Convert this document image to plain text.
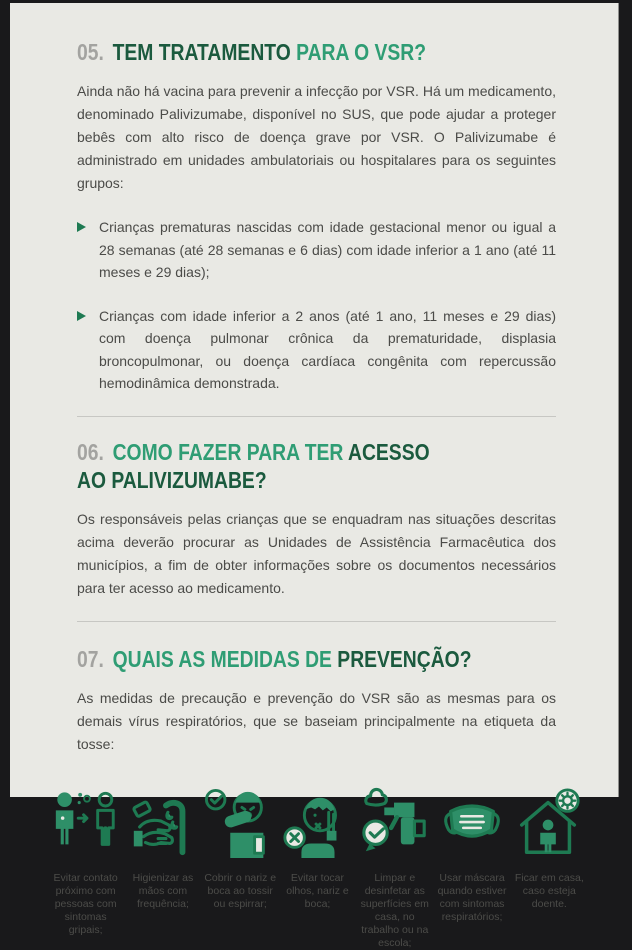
05. TEM TRATAMENTO PARA O VSR?

Ainda não há vacina para prevenir a infecção por VSR. Há um medicamento, denominado Palivizumabe, disponível no SUS, que pode ajudar a proteger bebês com alto risco de doença grave por VSR. O Palivizumabe é administrado em unidades ambulatoriais ou hospitalares para os seguintes grupos:

Crianças prematuras nascidas com idade gestacional menor ou igual a 28 semanas (até 28 semanas e 6 dias) com idade inferior a 1 ano (até 11 meses e 29 dias);
Crianças com idade inferior a 2 anos (até 1 ano, 11 meses e 29 dias) com doença pulmonar crônica da prematuridade, displasia broncopulmonar, ou doença cardíaca congênita com repercussão hemodinâmica demonstrada.
06. COMO FAZER PARA TER ACESSO
AO PALIVIZUMABE?

Os responsáveis pelas crianças que se enquadram nas situações descritas acima deverão procurar as Unidades de Assistência Farmacêutica dos municípios, a fim de obter informações sobre os documentos necessários para ter acesso ao medicamento.

07. QUAIS AS MEDIDAS DE PREVENÇÃO?

As medidas de precaução e prevenção do VSR são as mesmas para os demais vírus respiratórios, que se baseiam principalmente na etiqueta da tosse:

Evitar contato próximo com pessoas com sintomas gripais;
Higienizar as mãos com frequência;
Cobrir o nariz e boca ao tossir ou espirrar;
Evitar tocar olhos, nariz e boca;
Limpar e desinfetar as superfícies em casa, no trabalho ou na escola;
Usar máscara quando estiver com sintomas respiratórios;
Ficar em casa, caso esteja doente.
